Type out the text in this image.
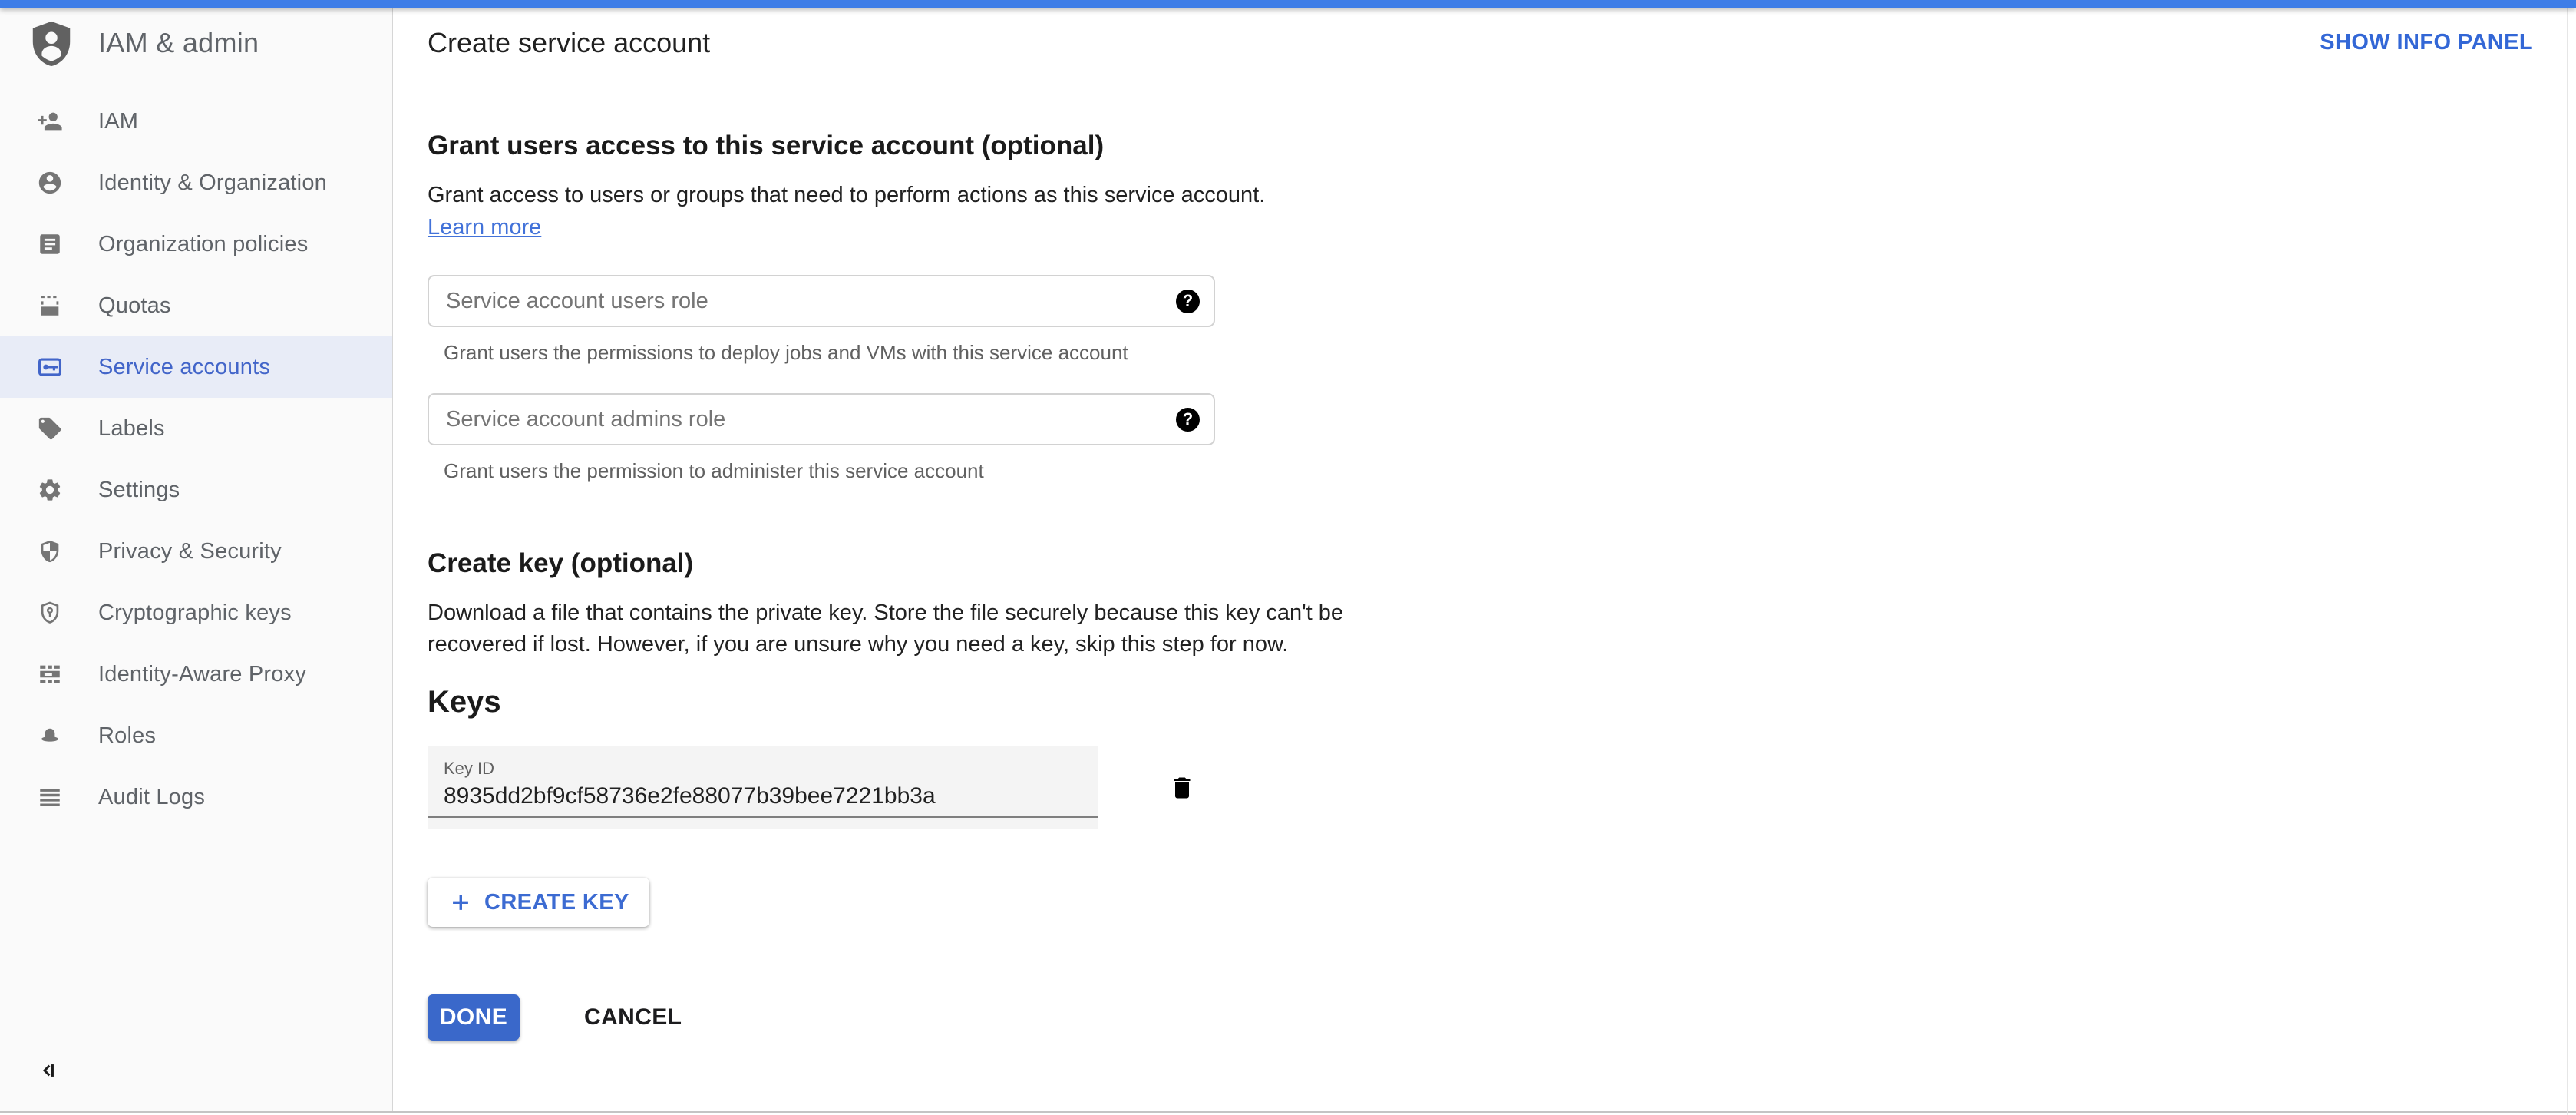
IAM & admin	Create service account	SHOW INFO PANEL
IAM
Identity & Organization
Organization policies
Quotas
Service accounts
Labels
Settings
Privacy & Security
Cryptographic keys
Identity-Aware Proxy
Roles
Audit Logs
Grant users access to this service account (optional)

Grant access to users or groups that need to perform actions as this service account.

Learn more
Service account users role
?
Grant users the permissions to deploy jobs and VMs with this service account
Service account admins role
?
Grant users the permission to administer this service account
Create key (optional)

Download a file that contains the private key. Store the file securely because this key can't be recovered if lost. However, if you are unsure why you need a key, skip this step for now.

Keys
Key ID
8935dd2bf9cf58736e2fe88077b39bee7221bb3a
CREATE KEY
DONE	CANCEL
